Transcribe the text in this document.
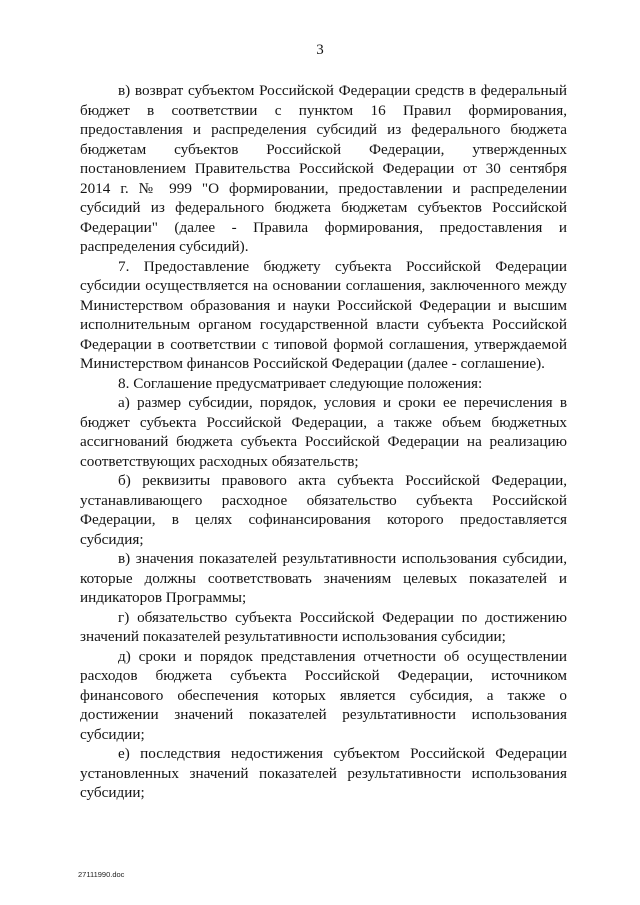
3

в) возврат субъектом Российской Федерации средств в федеральный бюджет в соответствии с пунктом 16 Правил формирования, предоставления и распределения субсидий из федерального бюджета бюджетам субъектов Российской Федерации, утвержденных постановлением Правительства Российской Федерации от 30 сентября 2014 г. № 999 "О формировании, предоставлении и распределении субсидий из федерального бюджета бюджетам субъектов Российской Федерации" (далее - Правила формирования, предоставления и распределения субсидий).

7. Предоставление бюджету субъекта Российской Федерации субсидии осуществляется на основании соглашения, заключенного между Министерством образования и науки Российской Федерации и высшим исполнительным органом государственной власти субъекта Российской Федерации в соответствии с типовой формой соглашения, утверждаемой Министерством финансов Российской Федерации (далее - соглашение).

8. Соглашение предусматривает следующие положения:

а) размер субсидии, порядок, условия и сроки ее перечисления в бюджет субъекта Российской Федерации, а также объем бюджетных ассигнований бюджета субъекта Российской Федерации на реализацию соответствующих расходных обязательств;

б) реквизиты правового акта субъекта Российской Федерации, устанавливающего расходное обязательство субъекта Российской Федерации, в целях софинансирования которого предоставляется субсидия;

в) значения показателей результативности использования субсидии, которые должны соответствовать значениям целевых показателей и индикаторов Программы;

г) обязательство субъекта Российской Федерации по достижению значений показателей результативности использования субсидии;

д) сроки и порядок представления отчетности об осуществлении расходов бюджета субъекта Российской Федерации, источником финансового обеспечения которых является субсидия, а также о достижении значений показателей результативности использования субсидии;

е) последствия недостижения субъектом Российской Федерации установленных значений показателей результативности использования субсидии;

27111990.doc
